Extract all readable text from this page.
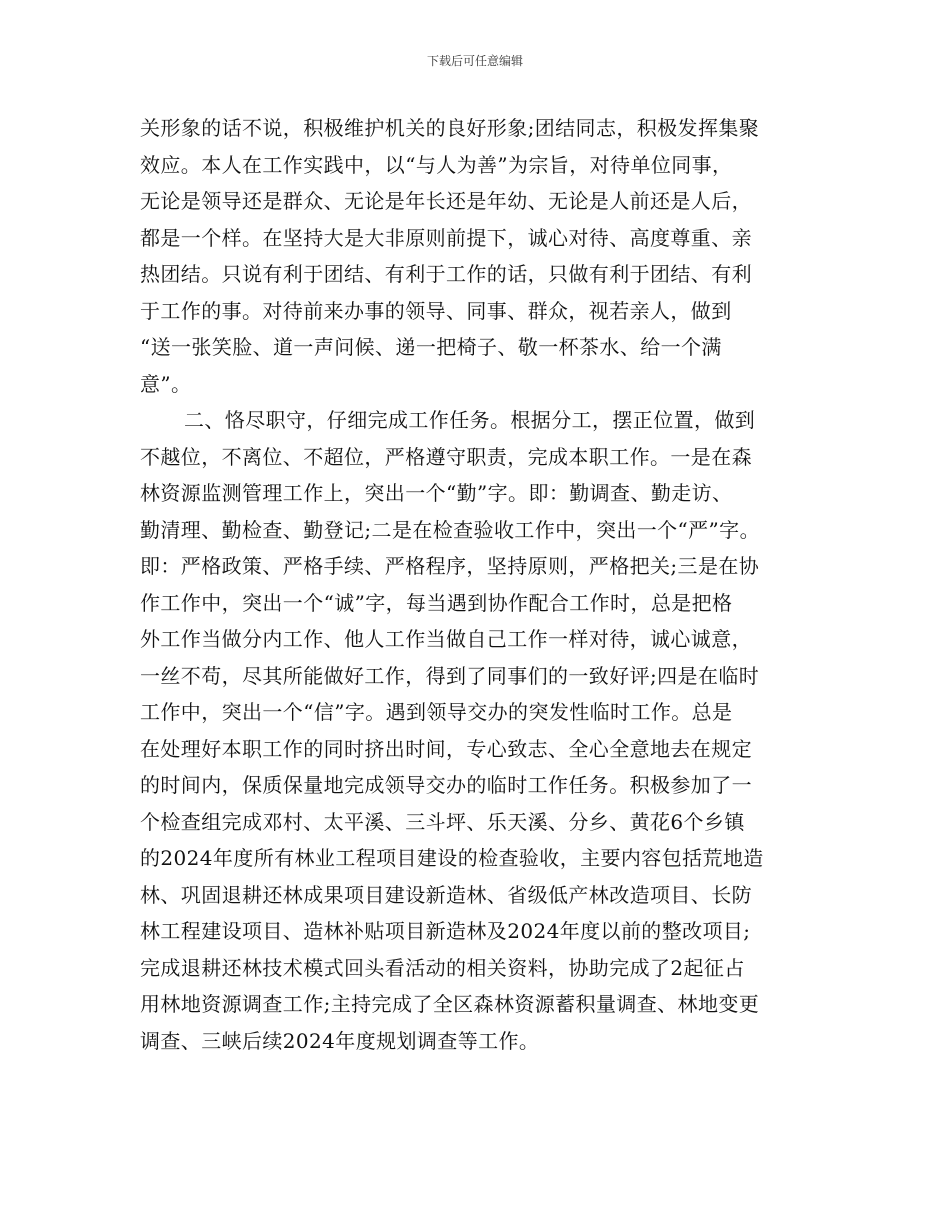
下载后可任意编辑
关形象的话不说，积极维护机关的良好形象;团结同志，积极发挥集聚
效应。本人在工作实践中，以“与人为善”为宗旨，对待单位同事，
无论是领导还是群众、无论是年长还是年幼、无论是人前还是人后，
都是一个样。在坚持大是大非原则前提下，诚心对待、高度尊重、亲
热团结。只说有利于团结、有利于工作的话，只做有利于团结、有利
于工作的事。对待前来办事的领导、同事、群众，视若亲人，做到
“送一张笑脸、道一声问候、递一把椅子、敬一杯茶水、给一个满
意”。
二、恪尽职守，仔细完成工作任务。根据分工，摆正位置，做到
不越位，不离位、不超位，严格遵守职责，完成本职工作。一是在森
林资源监测管理工作上，突出一个“勤”字。即：勤调查、勤走访、
勤清理、勤检查、勤登记;二是在检查验收工作中，突出一个“严”字。
即：严格政策、严格手续、严格程序，坚持原则，严格把关;三是在协
作工作中，突出一个“诚”字，每当遇到协作配合工作时，总是把格
外工作当做分内工作、他人工作当做自己工作一样对待，诚心诚意，
一丝不苟，尽其所能做好工作，得到了同事们的一致好评;四是在临时
工作中，突出一个“信”字。遇到领导交办的突发性临时工作。总是
在处理好本职工作的同时挤出时间，专心致志、全心全意地去在规定
的时间内，保质保量地完成领导交办的临时工作任务。积极参加了一
个检查组完成邓村、太平溪、三斗坪、乐天溪、分乡、黄花6个乡镇
的2024年度所有林业工程项目建设的检查验收，主要内容包括荒地造
林、巩固退耕还林成果项目建设新造林、省级低产林改造项目、长防
林工程建设项目、造林补贴项目新造林及2024年度以前的整改项目;
完成退耕还林技术模式回头看活动的相关资料，协助完成了2起征占
用林地资源调查工作;主持完成了全区森林资源蓄积量调查、林地变更
调查、三峡后续2024年度规划调查等工作。
